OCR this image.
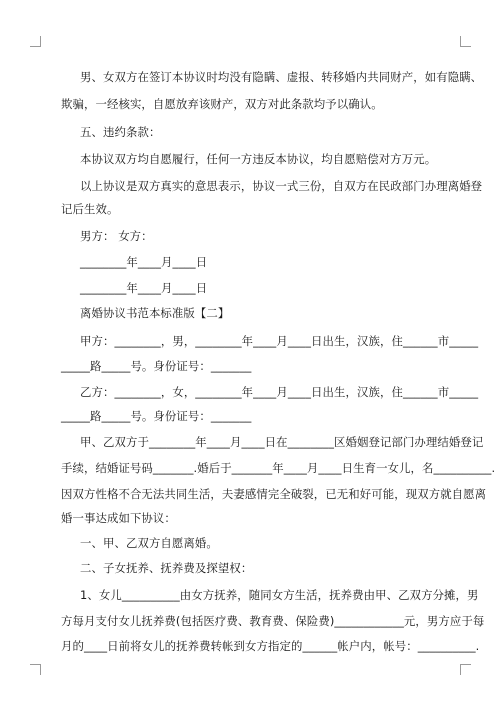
男、女双方在签订本协议时均没有隐瞒、虚报、转移婚内共同财产，如有隐瞒、
欺骗，一经核实，自愿放弃该财产，双方对此条款均予以确认。
五、违约条款：
本协议双方均自愿履行，任何一方违反本协议，均自愿赔偿对方万元。
以上协议是双方真实的意思表示，协议一式三份，自双方在民政部门办理离婚登
记后生效。
男方： 女方：
________年____月____日
________年____月____日
离婚协议书范本标准版【二】
甲方：________，男，________年____月____日出生，汉族，住______市_____
_____路_____号。身份证号：_______
乙方：________，女，________年____月____日出生，汉族，住______市_____
_____路_____号。身份证号：_______
甲、乙双方于________年____月____日在________区婚姻登记部门办理结婚登记
手续，结婚证号码_______.婚后于_______年____月____日生育一女儿，名__________.
因双方性格不合无法共同生活，夫妻感情完全破裂，已无和好可能，现双方就自愿离
婚一事达成如下协议：
一、甲、乙双方自愿离婚。
二、子女抚养、抚养费及探望权：
1、女儿__________由女方抚养，随同女方生活，抚养费由甲、乙双方分摊，男
方每月支付女儿抚养费(包括医疗费、教育费、保险费)____________元，男方应于每
月的____日前将女儿的抚养费转帐到女方指定的______帐户内，帐号：__________.
